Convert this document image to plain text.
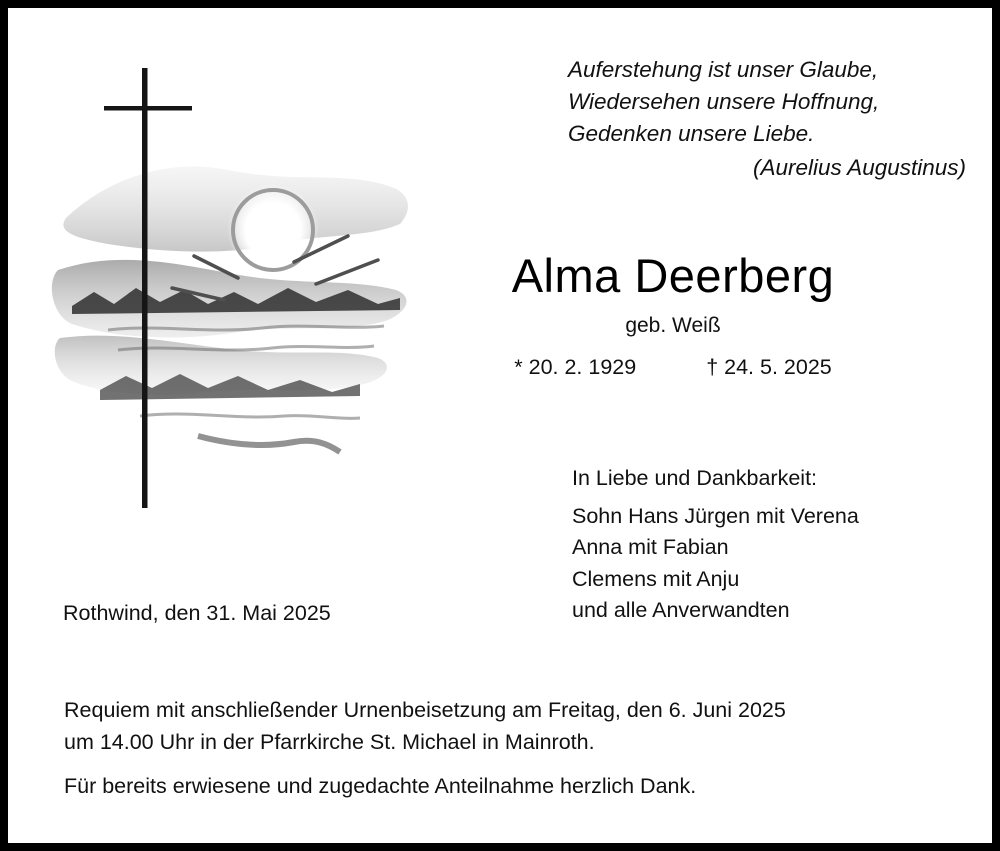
Auferstehung ist unser Glaube,
Wiedersehen unsere Hoffnung,
Gedenken unsere Liebe.
(Aurelius Augustinus)
Alma Deerberg
geb. Weiß
* 20. 2. 1929	† 24. 5. 2025
In Liebe und Dankbarkeit:
Sohn Hans Jürgen mit Verena
Anna mit Fabian
Clemens mit Anju
und alle Anverwandten
Rothwind, den 31. Mai 2025
Requiem mit anschließender Urnenbeisetzung am Freitag, den 6. Juni 2025
um 14.00 Uhr in der Pfarrkirche St. Michael in Mainroth.
Für bereits erwiesene und zugedachte Anteilnahme herzlich Dank.
